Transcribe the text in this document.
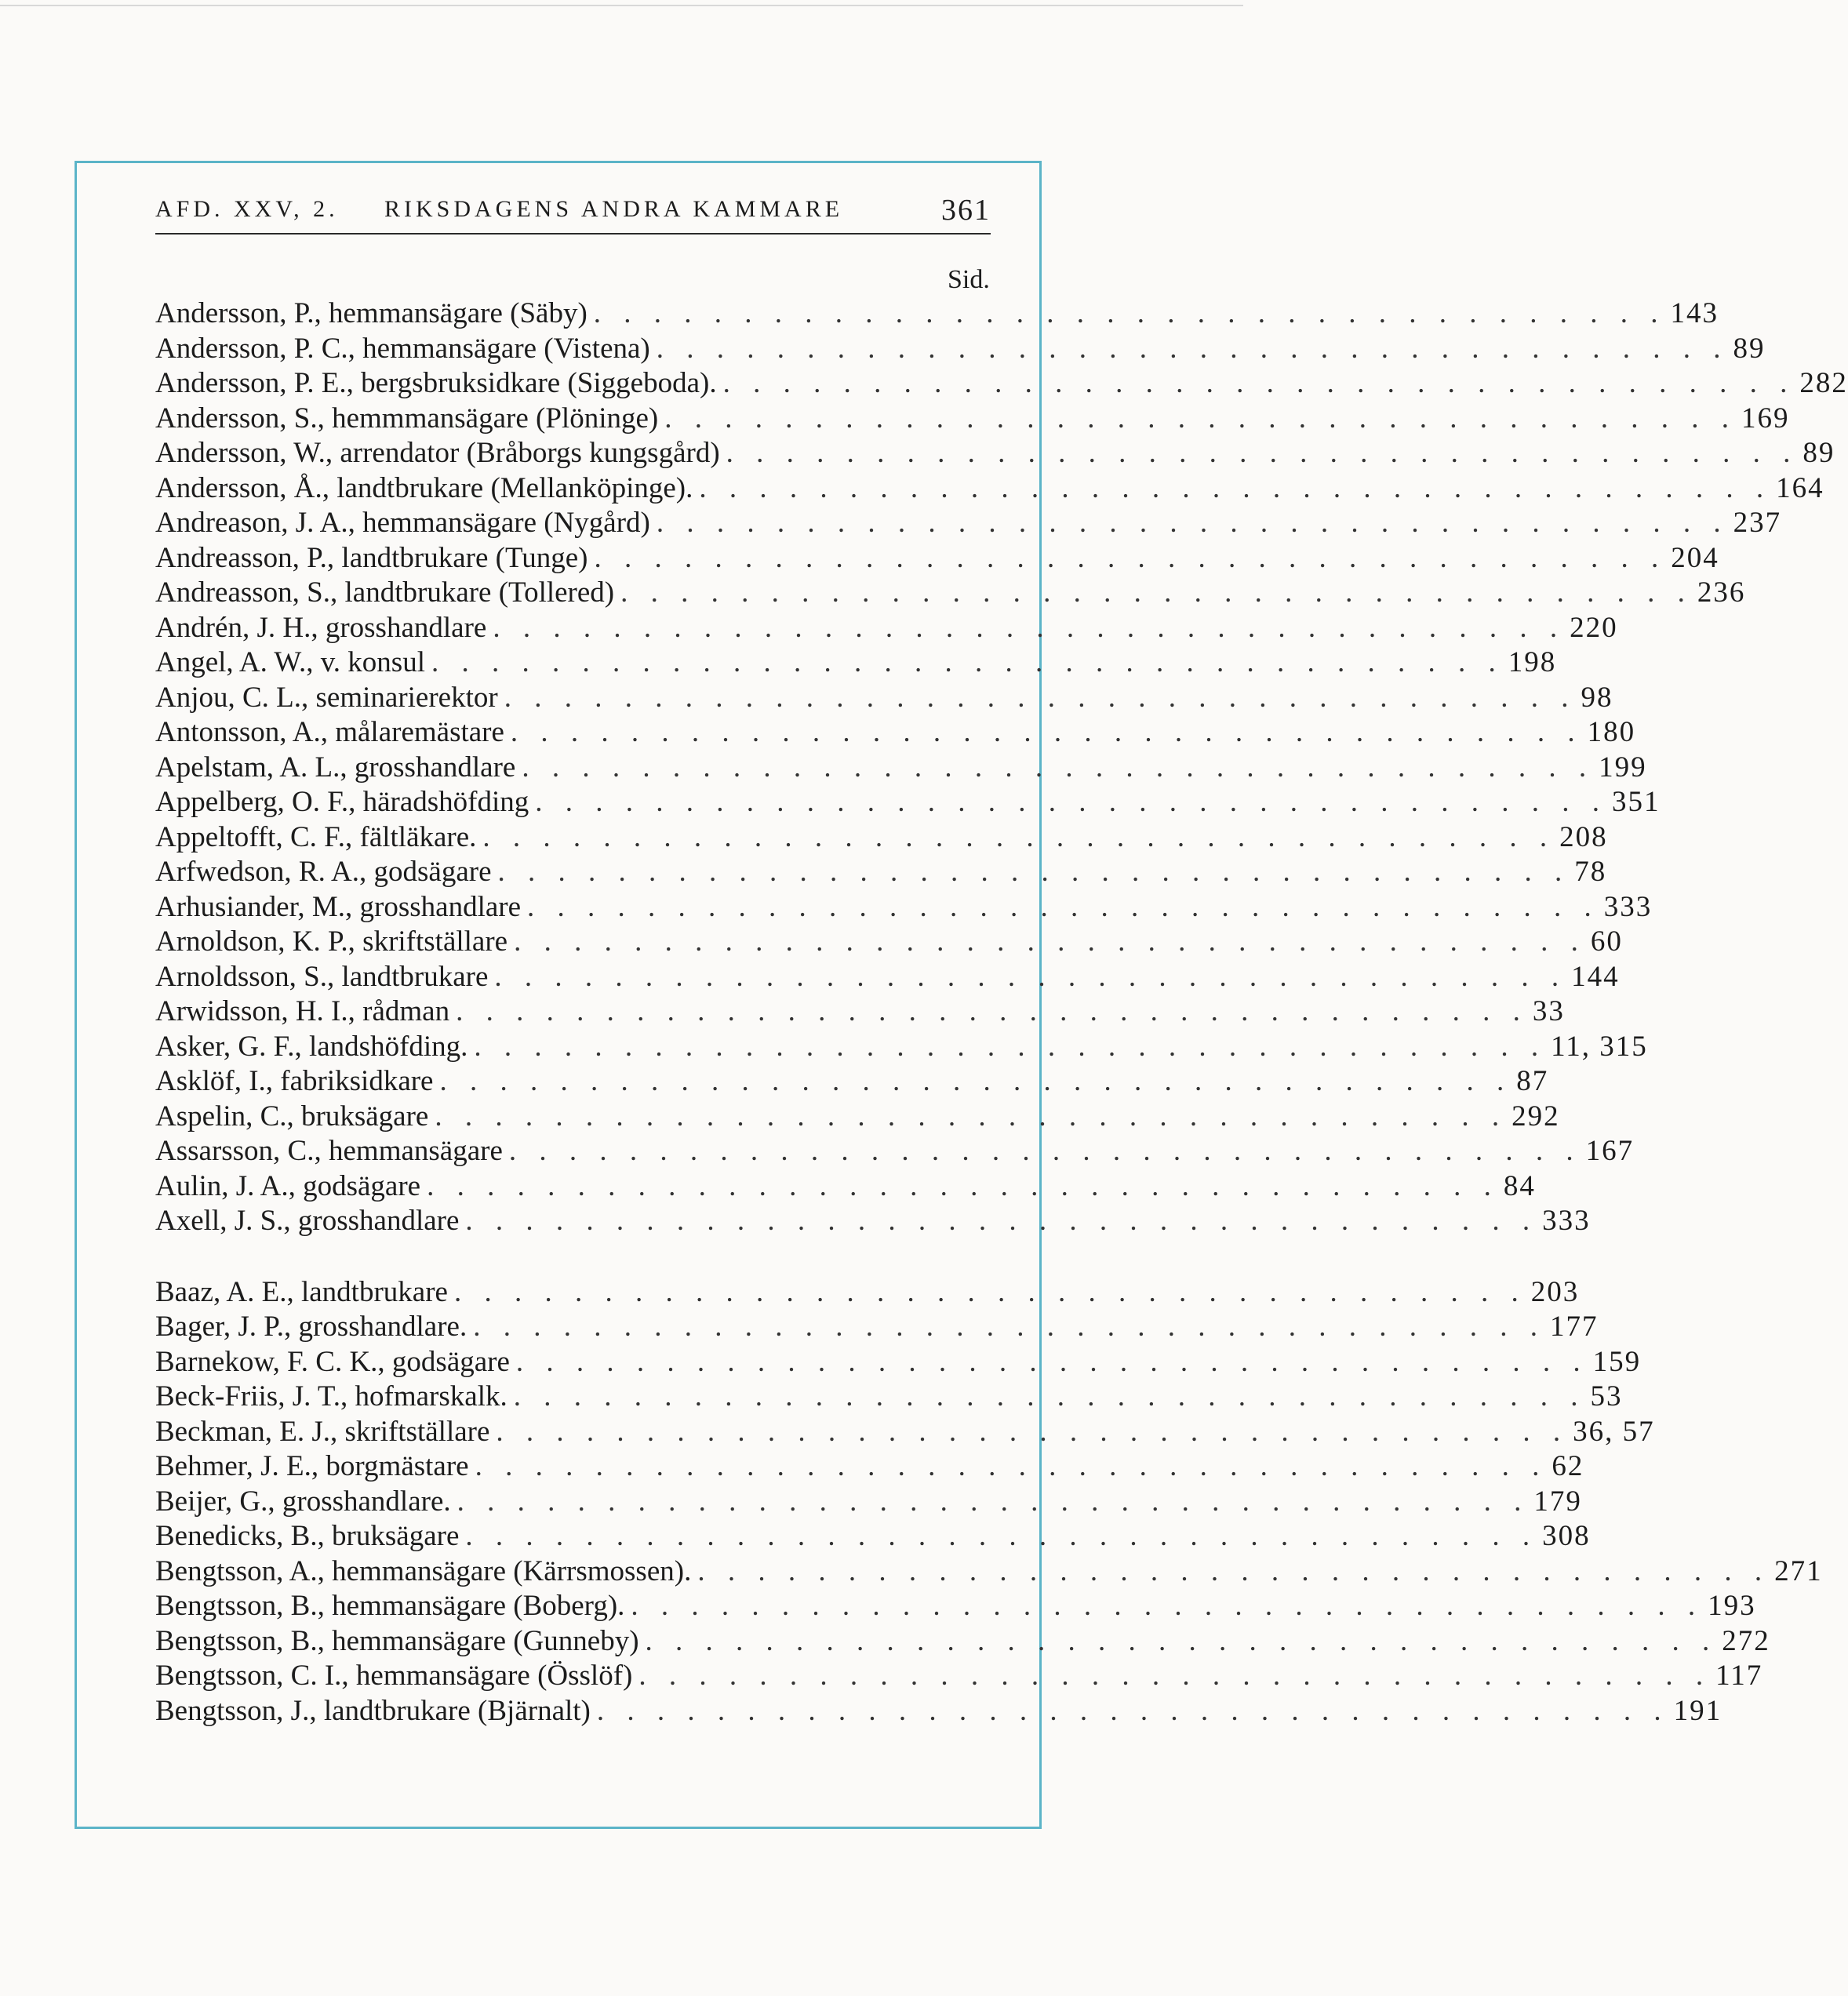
AFD. XXV, 2. RIKSDAGENS ANDRA KAMMARE	361
Sid.
Andersson, P., hemmansägare (Säby) . . . . . . . . . . . . . . . . . . . . . . . . . . . . . . . . . . . . 143
Andersson, P. C., hemmansägare (Vistena) . . . . . . . . . . . . . . . . . . . . . . . . . . . . . . . . . . . . 89
Andersson, P. E., bergsbruksidkare (Siggeboda). . . . . . . . . . . . . . . . . . . . . . . . . . . . . . . . . . . . . 282
Andersson, S., hemmmansägare (Plöninge) . . . . . . . . . . . . . . . . . . . . . . . . . . . . . . . . . . . . 169
Andersson, W., arrendator (Bråborgs kungsgård) . . . . . . . . . . . . . . . . . . . . . . . . . . . . . . . . . . . . 89
Andersson, Å., landtbrukare (Mellanköpinge). . . . . . . . . . . . . . . . . . . . . . . . . . . . . . . . . . . . . 164
Andreason, J. A., hemmansägare (Nygård) . . . . . . . . . . . . . . . . . . . . . . . . . . . . . . . . . . . . 237
Andreasson, P., landtbrukare (Tunge) . . . . . . . . . . . . . . . . . . . . . . . . . . . . . . . . . . . . 204
Andreasson, S., landtbrukare (Tollered) . . . . . . . . . . . . . . . . . . . . . . . . . . . . . . . . . . . . 236
Andrén, J. H., grosshandlare . . . . . . . . . . . . . . . . . . . . . . . . . . . . . . . . . . . . 220
Angel, A. W., v. konsul . . . . . . . . . . . . . . . . . . . . . . . . . . . . . . . . . . . . 198
Anjou, C. L., seminarierektor . . . . . . . . . . . . . . . . . . . . . . . . . . . . . . . . . . . . 98
Antonsson, A., målaremästare . . . . . . . . . . . . . . . . . . . . . . . . . . . . . . . . . . . . 180
Apelstam, A. L., grosshandlare . . . . . . . . . . . . . . . . . . . . . . . . . . . . . . . . . . . . 199
Appelberg, O. F., häradshöfding . . . . . . . . . . . . . . . . . . . . . . . . . . . . . . . . . . . . 351
Appeltofft, C. F., fältläkare. . . . . . . . . . . . . . . . . . . . . . . . . . . . . . . . . . . . . 208
Arfwedson, R. A., godsägare . . . . . . . . . . . . . . . . . . . . . . . . . . . . . . . . . . . . 78
Arhusiander, M., grosshandlare . . . . . . . . . . . . . . . . . . . . . . . . . . . . . . . . . . . . 333
Arnoldson, K. P., skriftställare . . . . . . . . . . . . . . . . . . . . . . . . . . . . . . . . . . . . 60
Arnoldsson, S., landtbrukare . . . . . . . . . . . . . . . . . . . . . . . . . . . . . . . . . . . . 144
Arwidsson, H. I., rådman . . . . . . . . . . . . . . . . . . . . . . . . . . . . . . . . . . . . 33
Asker, G. F., landshöfding. . . . . . . . . . . . . . . . . . . . . . . . . . . . . . . . . . . . . 11, 315
Asklöf, I., fabriksidkare . . . . . . . . . . . . . . . . . . . . . . . . . . . . . . . . . . . . 87
Aspelin, C., bruksägare . . . . . . . . . . . . . . . . . . . . . . . . . . . . . . . . . . . . 292
Assarsson, C., hemmansägare . . . . . . . . . . . . . . . . . . . . . . . . . . . . . . . . . . . . 167
Aulin, J. A., godsägare . . . . . . . . . . . . . . . . . . . . . . . . . . . . . . . . . . . . 84
Axell, J. S., grosshandlare . . . . . . . . . . . . . . . . . . . . . . . . . . . . . . . . . . . . 333
Baaz, A. E., landtbrukare . . . . . . . . . . . . . . . . . . . . . . . . . . . . . . . . . . . . 203
Bager, J. P., grosshandlare. . . . . . . . . . . . . . . . . . . . . . . . . . . . . . . . . . . . . 177
Barnekow, F. C. K., godsägare . . . . . . . . . . . . . . . . . . . . . . . . . . . . . . . . . . . . 159
Beck-Friis, J. T., hofmarskalk. . . . . . . . . . . . . . . . . . . . . . . . . . . . . . . . . . . . . 53
Beckman, E. J., skriftställare . . . . . . . . . . . . . . . . . . . . . . . . . . . . . . . . . . . . 36, 57
Behmer, J. E., borgmästare . . . . . . . . . . . . . . . . . . . . . . . . . . . . . . . . . . . . 62
Beijer, G., grosshandlare. . . . . . . . . . . . . . . . . . . . . . . . . . . . . . . . . . . . . 179
Benedicks, B., bruksägare . . . . . . . . . . . . . . . . . . . . . . . . . . . . . . . . . . . . 308
Bengtsson, A., hemmansägare (Kärrsmossen). . . . . . . . . . . . . . . . . . . . . . . . . . . . . . . . . . . . . 271
Bengtsson, B., hemmansägare (Boberg). . . . . . . . . . . . . . . . . . . . . . . . . . . . . . . . . . . . . 193
Bengtsson, B., hemmansägare (Gunneby) . . . . . . . . . . . . . . . . . . . . . . . . . . . . . . . . . . . . 272
Bengtsson, C. I., hemmansägare (Össlöf) . . . . . . . . . . . . . . . . . . . . . . . . . . . . . . . . . . . . 117
Bengtsson, J., landtbrukare (Bjärnalt) . . . . . . . . . . . . . . . . . . . . . . . . . . . . . . . . . . . . 191
